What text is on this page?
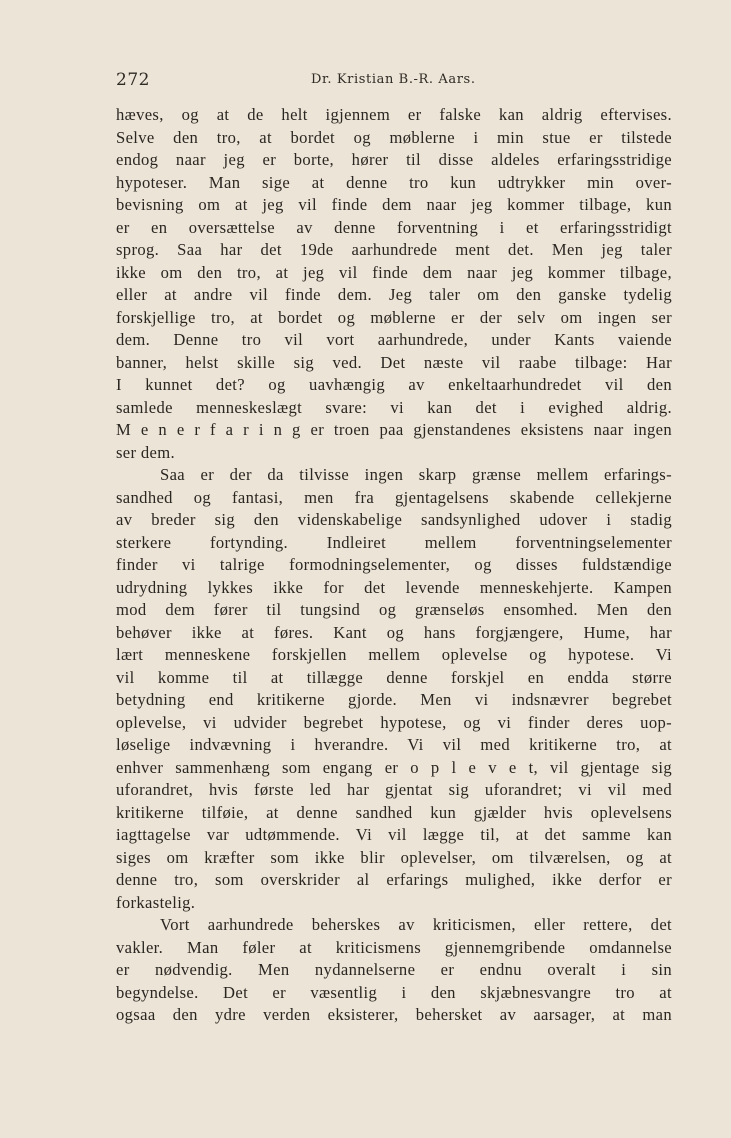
272	Dr. Kristian B.-R. Aars.
hæves, og at de helt igjennem er falske kan aldrig eftervises.
Selve den tro, at bordet og møblerne i min stue er tilstede
endog naar jeg er borte, hører til disse aldeles erfaringsstridige
hypoteser. Man sige at denne tro kun udtrykker min over-
bevisning om at jeg vil finde dem naar jeg kommer tilbage, kun
er en oversættelse av denne forventning i et erfaringsstridigt
sprog. Saa har det 19de aarhundrede ment det. Men jeg taler
ikke om den tro, at jeg vil finde dem naar jeg kommer tilbage,
eller at andre vil finde dem. Jeg taler om den ganske tydelig
forskjellige tro, at bordet og møblerne er der selv om ingen ser
dem. Denne tro vil vort aarhundrede, under Kants vaiende
banner, helst skille sig ved. Det næste vil raabe tilbage: Har
I kunnet det? og uavhængig av enkeltaarhundredet vil den
samlede menneskeslægt svare: vi kan det i evighed aldrig.
M e n e r f a r i n g er troen paa gjenstandenes eksistens naar ingen
ser dem.
Saa er der da tilvisse ingen skarp grænse mellem erfarings-
sandhed og fantasi, men fra gjentagelsens skabende cellekjerne
av breder sig den videnskabelige sandsynlighed udover i stadig
sterkere fortynding. Indleiret mellem forventningselementer
finder vi talrige formodningselementer, og disses fuldstændige
udrydning lykkes ikke for det levende menneskehjerte. Kampen
mod dem fører til tungsind og grænseløs ensomhed. Men den
behøver ikke at føres. Kant og hans forgjængere, Hume, har
lært menneskene forskjellen mellem oplevelse og hypotese. Vi
vil komme til at tillægge denne forskjel en endda større
betydning end kritikerne gjorde. Men vi indsnævrer begrebet
oplevelse, vi udvider begrebet hypotese, og vi finder deres uop-
løselige indvævning i hverandre. Vi vil med kritikerne tro, at
enhver sammenhæng som engang er o p l e v e t, vil gjentage sig
uforandret, hvis første led har gjentat sig uforandret; vi vil med
kritikerne tilføie, at denne sandhed kun gjælder hvis oplevelsens
iagttagelse var udtømmende. Vi vil lægge til, at det samme kan
siges om kræfter som ikke blir oplevelser, om tilværelsen, og at
denne tro, som overskrider al erfarings mulighed, ikke derfor er
forkastelig.
Vort aarhundrede beherskes av kriticismen, eller rettere, det
vakler. Man føler at kriticismens gjennemgribende omdannelse
er nødvendig. Men nydannelserne er endnu overalt i sin
begyndelse. Det er væsentlig i den skjæbnesvangre tro at
ogsaa den ydre verden eksisterer, behersket av aarsager, at man
